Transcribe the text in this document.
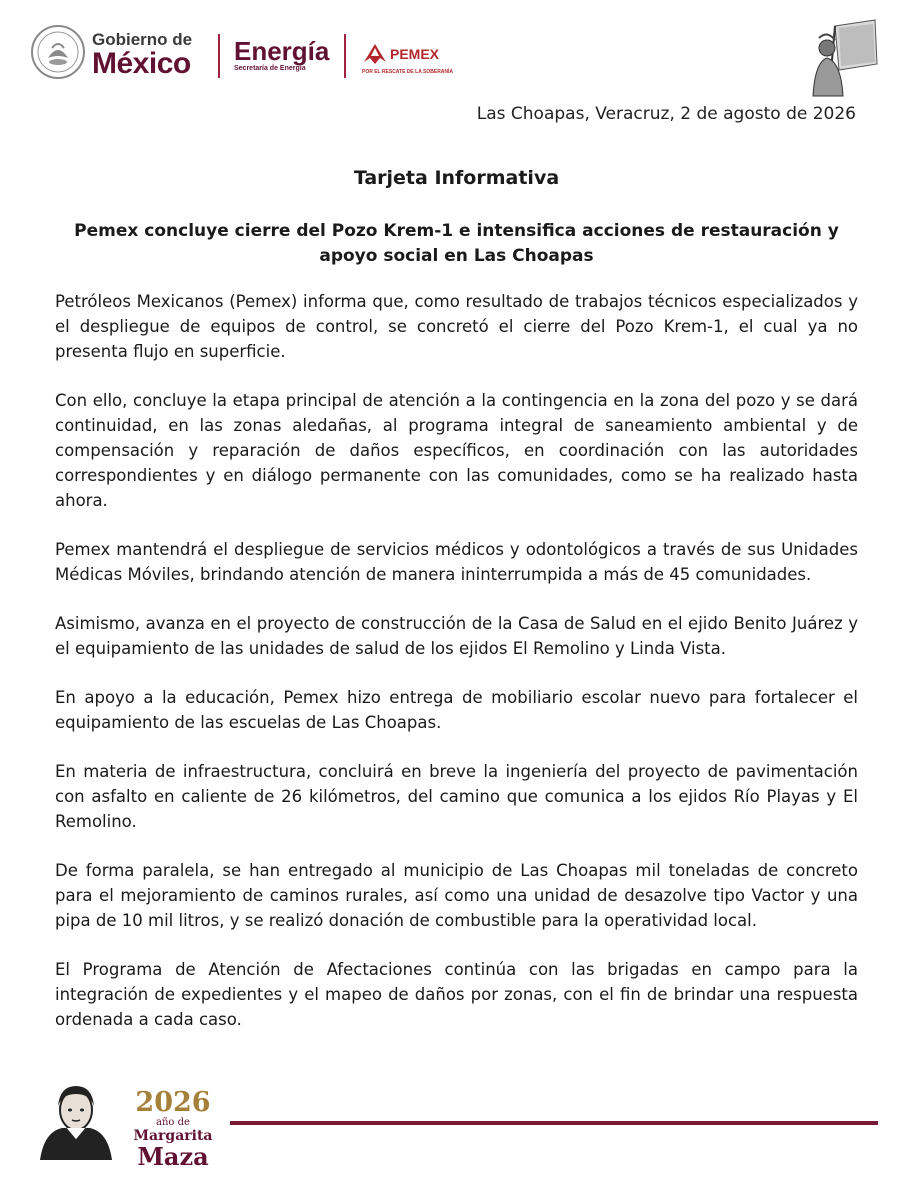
Gobierno de
México Energía
Secretaría de Energía
PEMEX
POR EL RESCATE DE LA SOBERANÍA
Las Choapas, Veracruz, 2 de agosto de 2026
Tarjeta Informativa
Pemex concluye cierre del Pozo Krem-1 e intensifica acciones de restauración y apoyo social en Las Choapas

Petróleos Mexicanos (Pemex) informa que, como resultado de trabajos técnicos especializados y el despliegue de equipos de control, se concretó el cierre del Pozo Krem-1, el cual ya no presenta flujo en superficie.

Con ello, concluye la etapa principal de atención a la contingencia en la zona del pozo y se dará continuidad, en las zonas aledañas, al programa integral de saneamiento ambiental y de compensación y reparación de daños específicos, en coordinación con las autoridades correspondientes y en diálogo permanente con las comunidades, como se ha realizado hasta ahora.

Pemex mantendrá el despliegue de servicios médicos y odontológicos a través de sus Unidades Médicas Móviles, brindando atención de manera ininterrumpida a más de 45 comunidades.

Asimismo, avanza en el proyecto de construcción de la Casa de Salud en el ejido Benito Juárez y el equipamiento de las unidades de salud de los ejidos El Remolino y Linda Vista.

En apoyo a la educación, Pemex hizo entrega de mobiliario escolar nuevo para fortalecer el equipamiento de las escuelas de Las Choapas.

En materia de infraestructura, concluirá en breve la ingeniería del proyecto de pavimentación con asfalto en caliente de 26 kilómetros, del camino que comunica a los ejidos Río Playas y El Remolino.

De forma paralela, se han entregado al municipio de Las Choapas mil toneladas de concreto para el mejoramiento de caminos rurales, así como una unidad de desazolve tipo Vactor y una pipa de 10 mil litros, y se realizó donación de combustible para la operatividad local.

El Programa de Atención de Afectaciones continúa con las brigadas en campo para la integración de expedientes y el mapeo de daños por zonas, con el fin de brindar una respuesta ordenada a cada caso.

2026
año de
Margarita
Maza
